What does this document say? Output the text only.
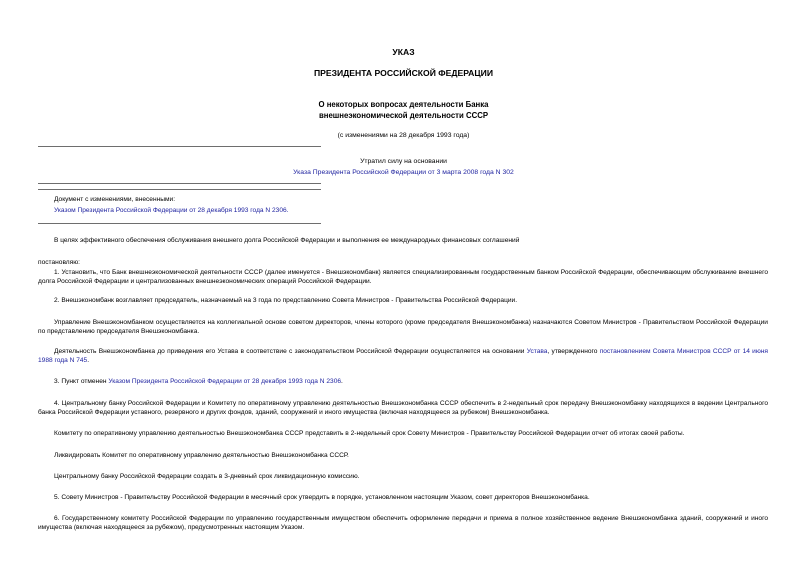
УКАЗ
ПРЕЗИДЕНТА РОССИЙСКОЙ ФЕДЕРАЦИИ
О некоторых вопросах деятельности Банка
внешнеэкономической деятельности СССР
(с изменениями на 28 декабря 1993 года)
Утратил силу на основании
Указа Президента Российской Федерации от 3 марта 2008 года N 302
Документ с изменениями, внесенными:
Указом Президента Российской Федерации от 28 декабря 1993 года N 2306.
В целях эффективного обеспечения обслуживания внешнего долга Российской Федерации и выполнения ее международных финансовых соглашений
постановляю:
1. Установить, что Банк внешнеэкономической деятельности СССР (далее именуется - Внешэкономбанк) является специализированным государственным банком Российской Федерации, обеспечивающим обслуживание внешнего долга Российской Федерации и централизованных внешнеэкономических операций Российской Федерации.
2. Внешэкономбанк возглавляет председатель, назначаемый на 3 года по представлению Совета Министров - Правительства Российской Федерации.
Управление Внешэкономбанком осуществляется на коллегиальной основе советом директоров, члены которого (кроме председателя Внешэкономбанка) назначаются Советом Министров - Правительством Российской Федерации по представлению председателя Внешэкономбанка.
Деятельность Внешэкономбанка до приведения его Устава в соответствие с законодательством Российской Федерации осуществляется на основании Устава, утвержденного постановлением Совета Министров СССР от 14 июня 1988 года N 745.
3. Пункт отменен Указом Президента Российской Федерации от 28 декабря 1993 года N 2306.
4. Центральному банку Российской Федерации и Комитету по оперативному управлению деятельностью Внешэкономбанка СССР обеспечить в 2-недельный срок передачу Внешэкономбанку находящихся в ведении Центрального банка Российской Федерации уставного, резервного и других фондов, зданий, сооружений и иного имущества (включая находящееся за рубежом) Внешэкономбанка.
Комитету по оперативному управлению деятельностью Внешэкономбанка СССР представить в 2-недельный срок Совету Министров - Правительству Российской Федерации отчет об итогах своей работы.
Ликвидировать Комитет по оперативному управлению деятельностью Внешэкономбанка СССР.
Центральному банку Российской Федерации создать в 3-дневный срок ликвидационную комиссию.
5. Совету Министров - Правительству Российской Федерации в месячный срок утвердить в порядке, установленном настоящим Указом, совет директоров Внешэкономбанка.
6. Государственному комитету Российской Федерации по управлению государственным имуществом обеспечить оформление передачи и приема в полное хозяйственное ведение Внешэкономбанка зданий, сооружений и иного имущества (включая находящееся за рубежом), предусмотренных настоящим Указом.
